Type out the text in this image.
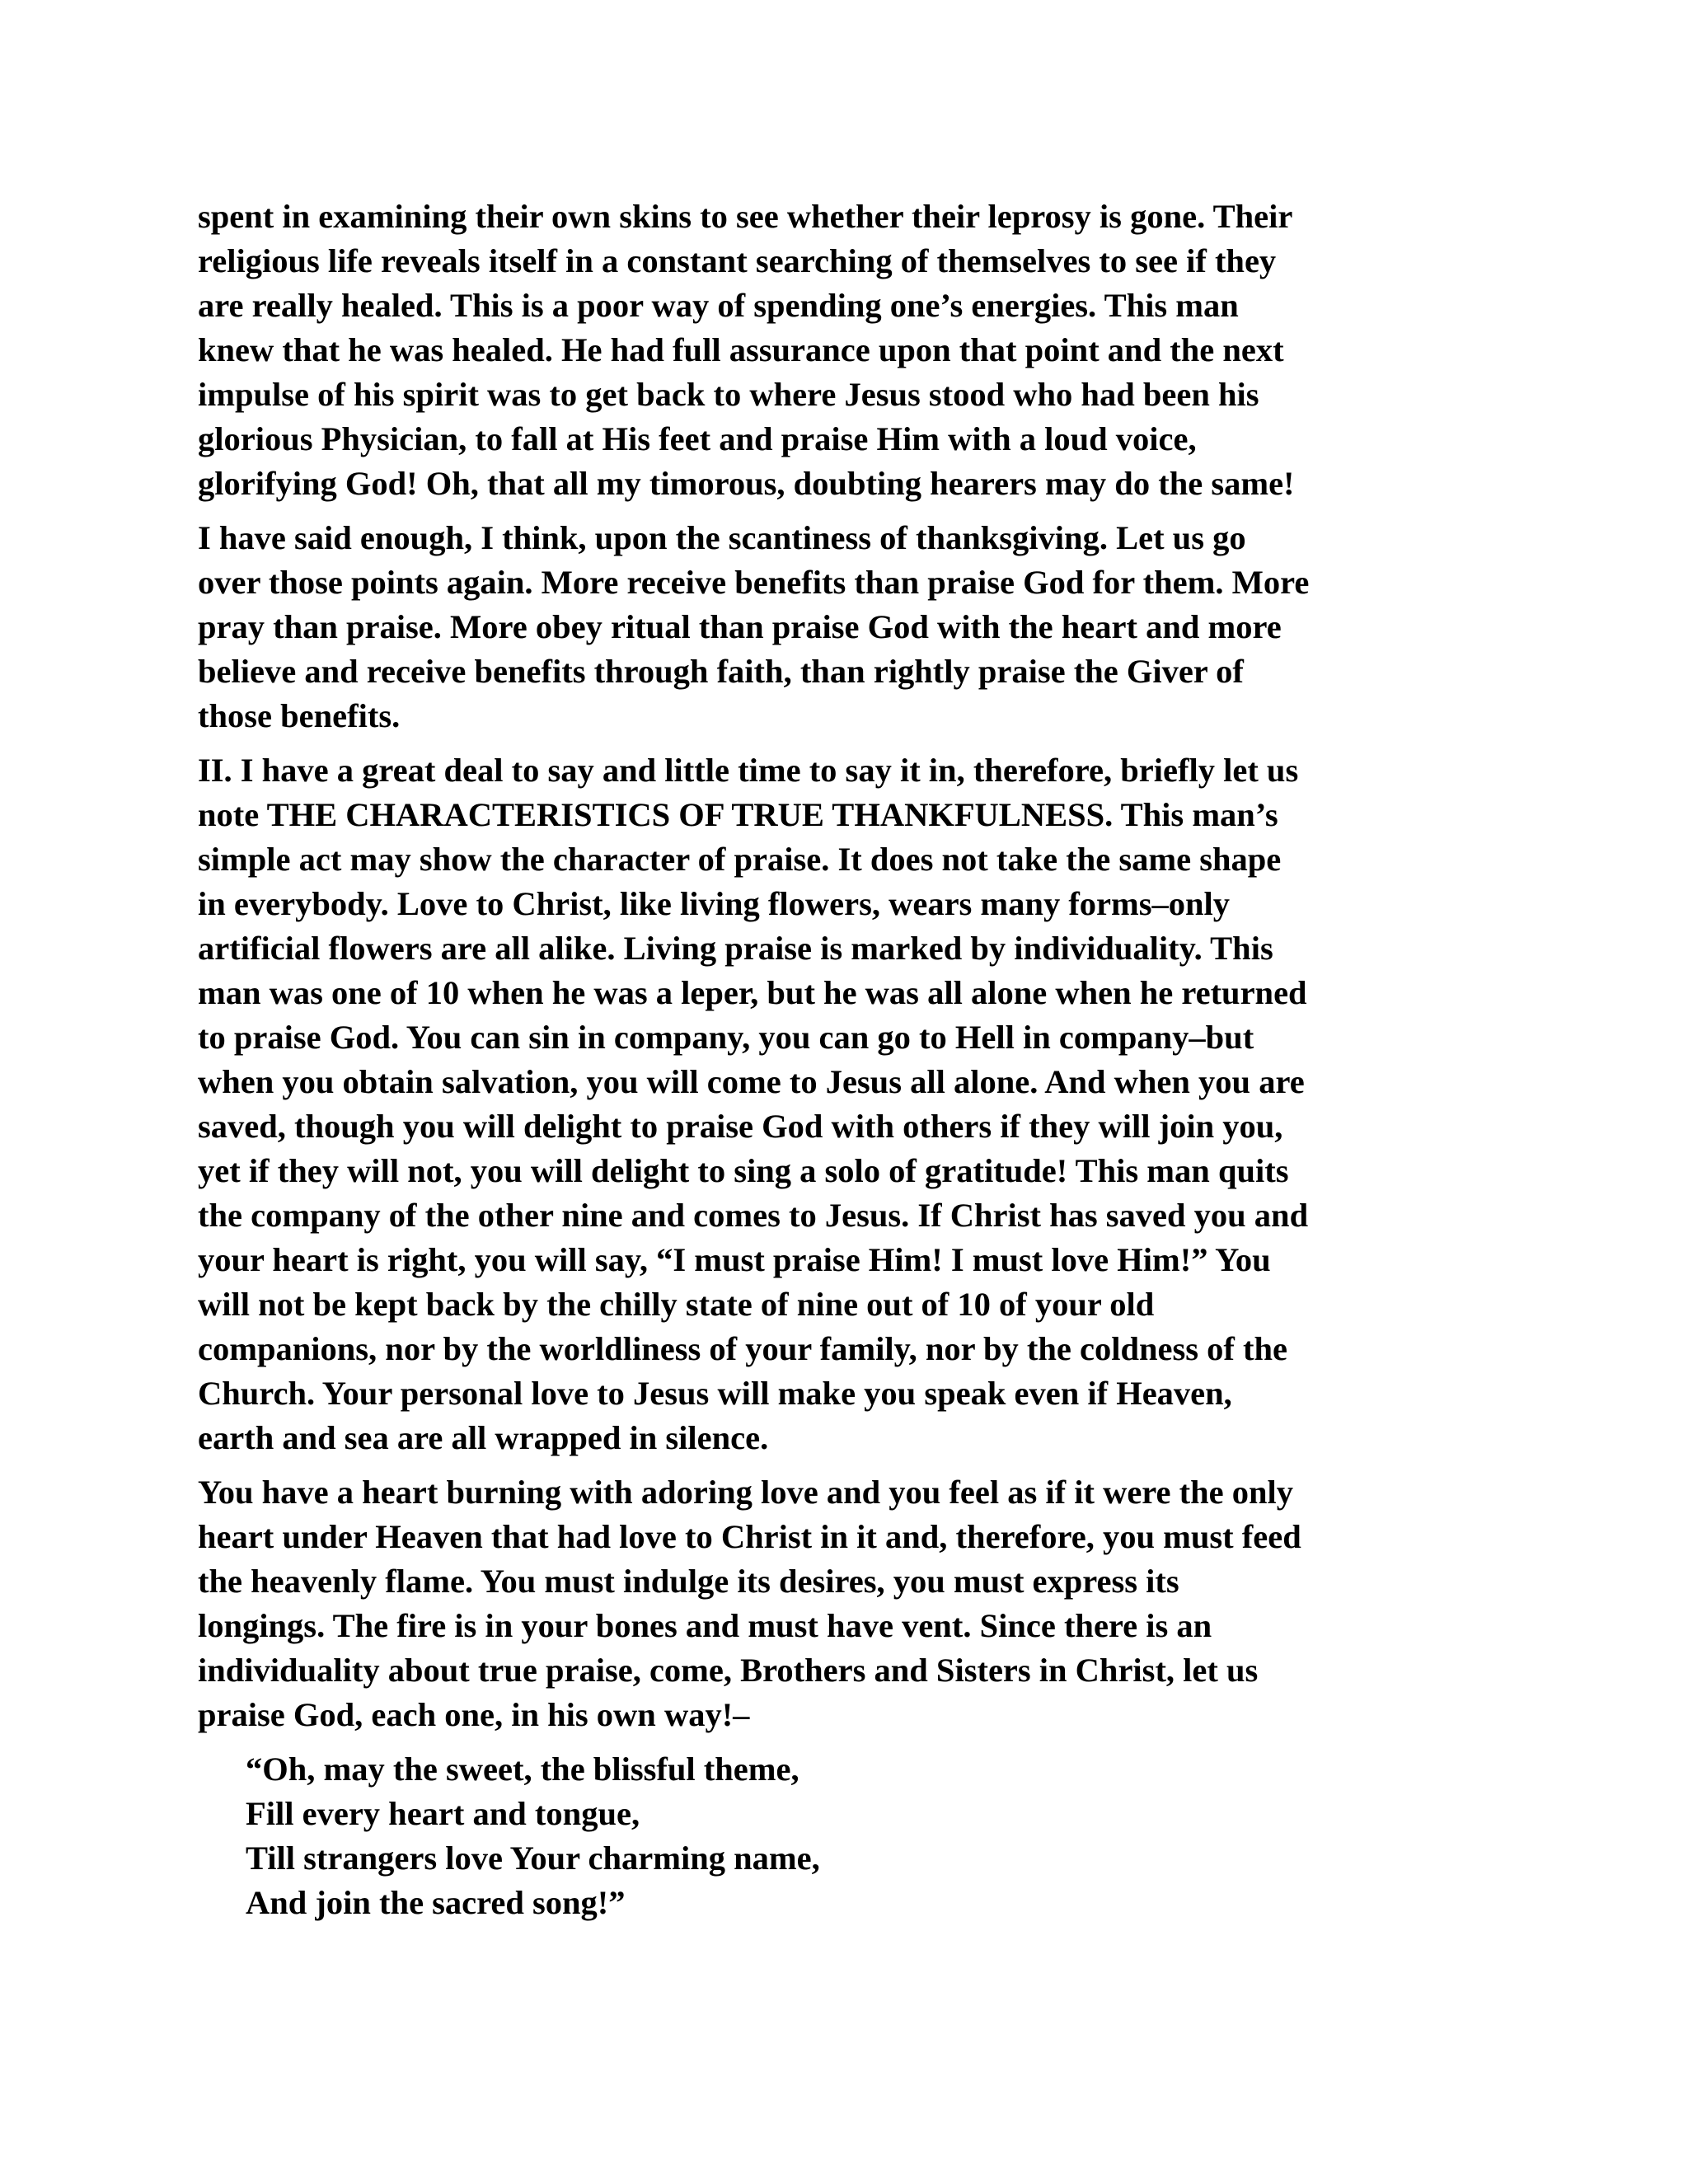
spent in examining their own skins to see whether their leprosy is gone. Their
religious life reveals itself in a constant searching of themselves to see if they
are really healed. This is a poor way of spending one’s energies. This man
knew that he was healed. He had full assurance upon that point and the next
impulse of his spirit was to get back to where Jesus stood who had been his
glorious Physician, to fall at His feet and praise Him with a loud voice,
glorifying God! Oh, that all my timorous, doubting hearers may do the same!

I have said enough, I think, upon the scantiness of thanksgiving. Let us go
over those points again. More receive benefits than praise God for them. More
pray than praise. More obey ritual than praise God with the heart and more
believe and receive benefits through faith, than rightly praise the Giver of
those benefits.

II. I have a great deal to say and little time to say it in, therefore, briefly let us
note THE CHARACTERISTICS OF TRUE THANKFULNESS. This man’s
simple act may show the character of praise. It does not take the same shape
in everybody. Love to Christ, like living flowers, wears many forms–only
artificial flowers are all alike. Living praise is marked by individuality. This
man was one of 10 when he was a leper, but he was all alone when he returned
to praise God. You can sin in company, you can go to Hell in company–but
when you obtain salvation, you will come to Jesus all alone. And when you are
saved, though you will delight to praise God with others if they will join you,
yet if they will not, you will delight to sing a solo of gratitude! This man quits
the company of the other nine and comes to Jesus. If Christ has saved you and
your heart is right, you will say, “I must praise Him! I must love Him!” You
will not be kept back by the chilly state of nine out of 10 of your old
companions, nor by the worldliness of your family, nor by the coldness of the
Church. Your personal love to Jesus will make you speak even if Heaven,
earth and sea are all wrapped in silence.

You have a heart burning with adoring love and you feel as if it were the only
heart under Heaven that had love to Christ in it and, therefore, you must feed
the heavenly flame. You must indulge its desires, you must express its
longings. The fire is in your bones and must have vent. Since there is an
individuality about true praise, come, Brothers and Sisters in Christ, let us
praise God, each one, in his own way!–

“Oh, may the sweet, the blissful theme,
Fill every heart and tongue,
Till strangers love Your charming name,
And join the sacred song!”
